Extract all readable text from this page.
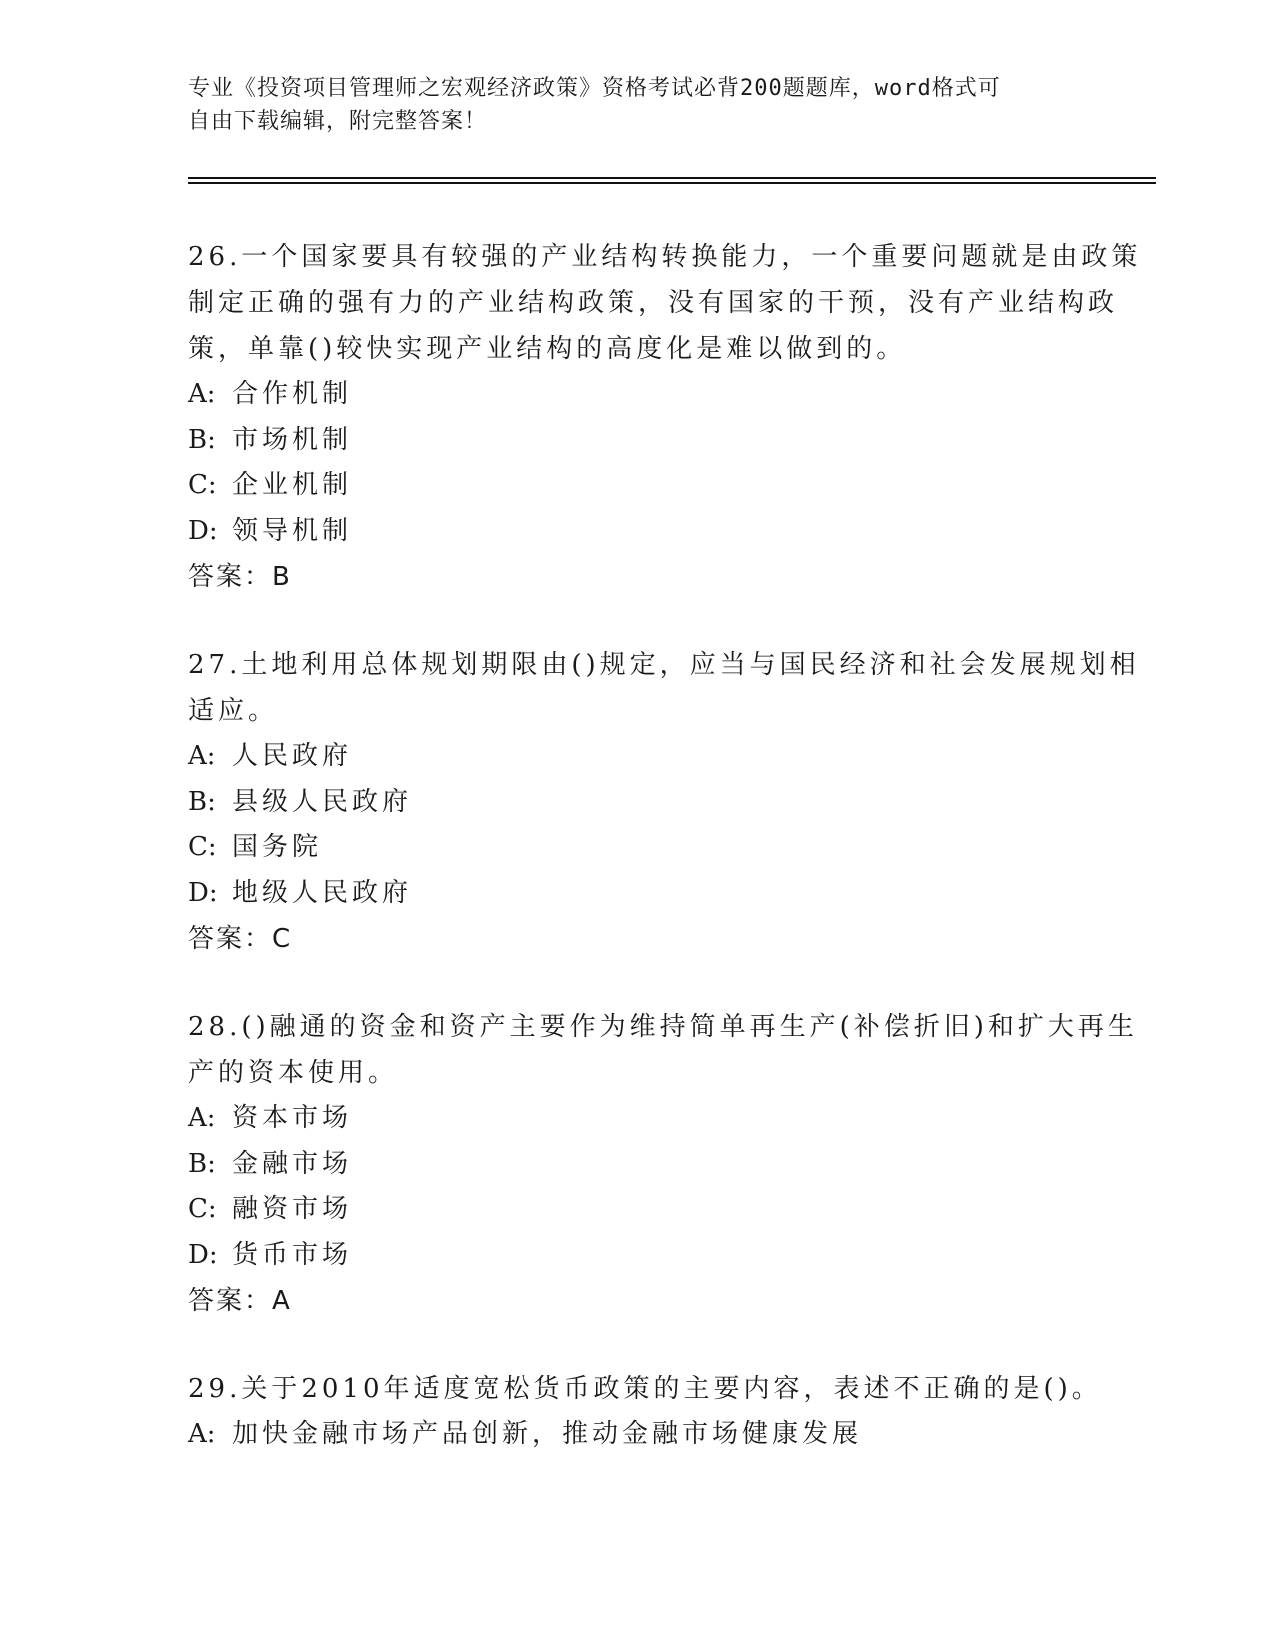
专业《投资项目管理师之宏观经济政策》资格考试必背200题题库，word格式可
自由下载编辑，附完整答案！

26.一个国家要具有较强的产业结构转换能力，一个重要问题就是由政策制定正确的强有力的产业结构政策，没有国家的干预，没有产业结构政策，单靠()较快实现产业结构的高度化是难以做到的。

A: 合作机制

B: 市场机制

C: 企业机制

D: 领导机制

答案：B

27.土地利用总体规划期限由()规定，应当与国民经济和社会发展规划相适应。

A: 人民政府

B: 县级人民政府

C: 国务院

D: 地级人民政府

答案：C

28.()融通的资金和资产主要作为维持简单再生产(补偿折旧)和扩大再生产的资本使用。

A: 资本市场

B: 金融市场

C: 融资市场

D: 货币市场

答案：A

29.关于2010年适度宽松货币政策的主要内容，表述不正确的是()。

A: 加快金融市场产品创新，推动金融市场健康发展
